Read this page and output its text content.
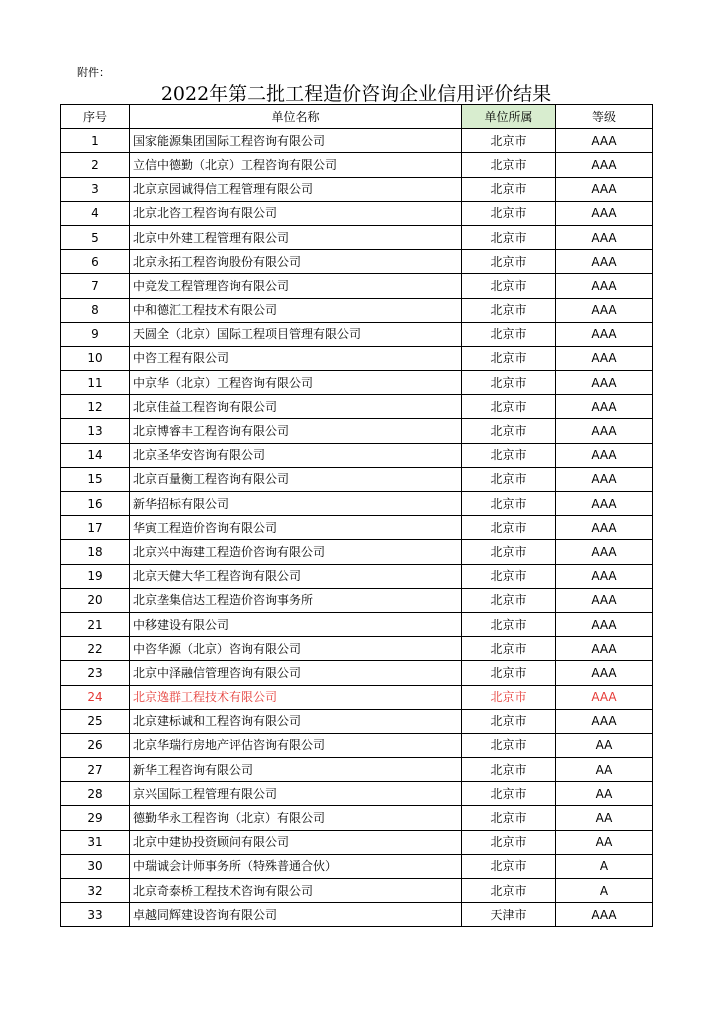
附件：
2022年第二批工程造价咨询企业信用评价结果
序号	单位名称	单位所属	等级
1	国家能源集团国际工程咨询有限公司	北京市	AAA
2	立信中德勤（北京）工程咨询有限公司	北京市	AAA
3	北京京园诚得信工程管理有限公司	北京市	AAA
4	北京北咨工程咨询有限公司	北京市	AAA
5	北京中外建工程管理有限公司	北京市	AAA
6	北京永拓工程咨询股份有限公司	北京市	AAA
7	中竞发工程管理咨询有限公司	北京市	AAA
8	中和德汇工程技术有限公司	北京市	AAA
9	天圆全（北京）国际工程项目管理有限公司	北京市	AAA
10	中咨工程有限公司	北京市	AAA
11	中京华（北京）工程咨询有限公司	北京市	AAA
12	北京佳益工程咨询有限公司	北京市	AAA
13	北京博睿丰工程咨询有限公司	北京市	AAA
14	北京圣华安咨询有限公司	北京市	AAA
15	北京百量衡工程咨询有限公司	北京市	AAA
16	新华招标有限公司	北京市	AAA
17	华寅工程造价咨询有限公司	北京市	AAA
18	北京兴中海建工程造价咨询有限公司	北京市	AAA
19	北京天健大华工程咨询有限公司	北京市	AAA
20	北京垄集信达工程造价咨询事务所	北京市	AAA
21	中移建设有限公司	北京市	AAA
22	中咨华源（北京）咨询有限公司	北京市	AAA
23	北京中泽融信管理咨询有限公司	北京市	AAA
24	北京逸群工程技术有限公司	北京市	AAA
25	北京建标诚和工程咨询有限公司	北京市	AAA
26	北京华瑞行房地产评估咨询有限公司	北京市	AA
27	新华工程咨询有限公司	北京市	AA
28	京兴国际工程管理有限公司	北京市	AA
29	德勤华永工程咨询（北京）有限公司	北京市	AA
31	北京中建协投资顾问有限公司	北京市	AA
30	中瑞诚会计师事务所（特殊普通合伙）	北京市	A
32	北京奇泰桥工程技术咨询有限公司	北京市	A
33	卓越同辉建设咨询有限公司	天津市	AAA
